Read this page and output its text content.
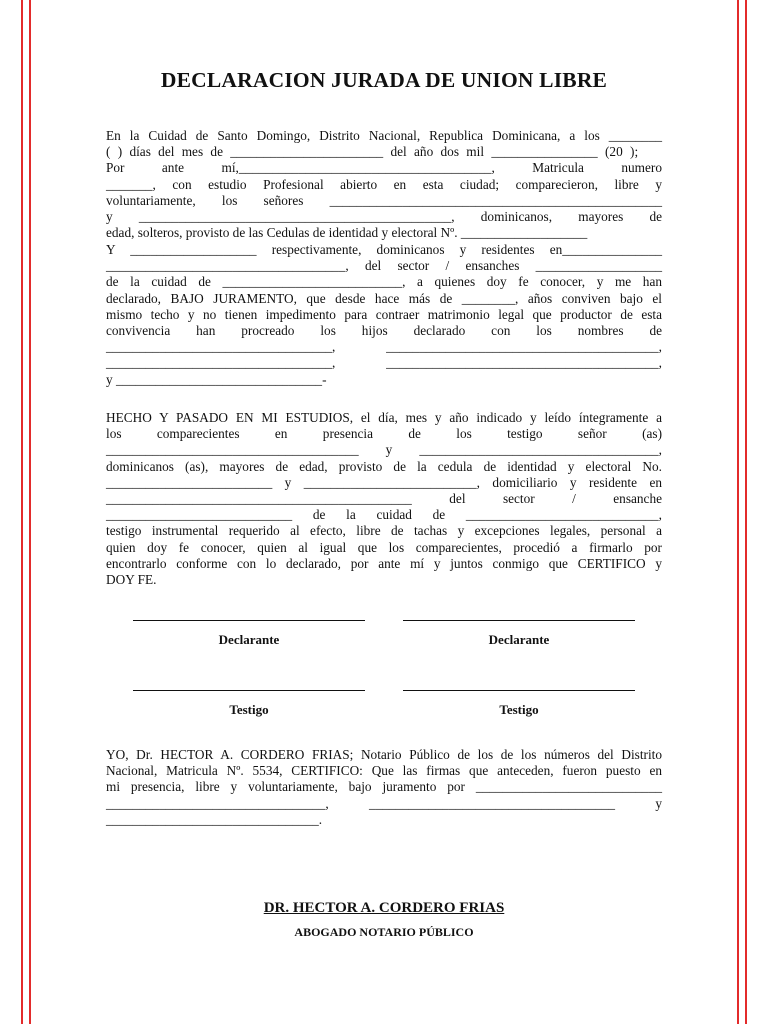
DECLARACION JURADA DE UNION LIBRE
En la Cuidad de Santo Domingo, Distrito Nacional, Republica Dominicana, a los ________
( ) días del mes de _______________________ del año dos mil ________________ (20 );
Por ante mí,______________________________________, Matricula numero
_______, con estudio Profesional abierto en esta ciudad; comparecieron, libre y
voluntariamente, los señores __________________________________________________
y _______________________________________________, dominicanos, mayores de
edad, solteros, provisto de las Cedulas de identidad y electoral Nº. ___________________
Y ___________________ respectivamente, dominicanos y residentes en_______________
____________________________________, del sector / ensanches ___________________
de la cuidad de ___________________________, a quienes doy fe conocer, y me han
declarado, BAJO JURAMENTO, que desde hace más de ________, años conviven bajo el
mismo techo y no tienen impedimento para contraer matrimonio legal que productor de esta
convivencia han procreado los hijos declarado con los nombres de
__________________________________, _________________________________________,
__________________________________, _________________________________________,
y _______________________________-
HECHO Y PASADO EN MI ESTUDIOS, el día, mes y año indicado y leído íntegramente a
los comparecientes en presencia de los testigo señor (as)
______________________________________ y ____________________________________,
dominicanos (as), mayores de edad, provisto de la cedula de identidad y electoral No.
_________________________ y __________________________, domiciliario y residente en
______________________________________________ del sector / ensanche
____________________________ de la cuidad de _____________________________,
testigo instrumental requerido al efecto, libre de tachas y excepciones legales, personal a
quien doy fe conocer, quien al igual que los comparecientes, procedió a firmarlo por
encontrarlo conforme con lo declarado, por ante mí y juntos conmigo que CERTIFICO y
DOY FE.
Declarante	Declarante
Testigo	Testigo
YO, Dr. HECTOR A. CORDERO FRIAS; Notario Público de los de los números del Distrito
Nacional, Matricula Nº. 5534, CERTIFICO: Que las firmas que anteceden, fueron puesto en
mi presencia, libre y voluntariamente, bajo juramento por ____________________________
_________________________________, _____________________________________ y
________________________________.
DR. HECTOR A. CORDERO FRIAS
ABOGADO NOTARIO PÚBLICO
